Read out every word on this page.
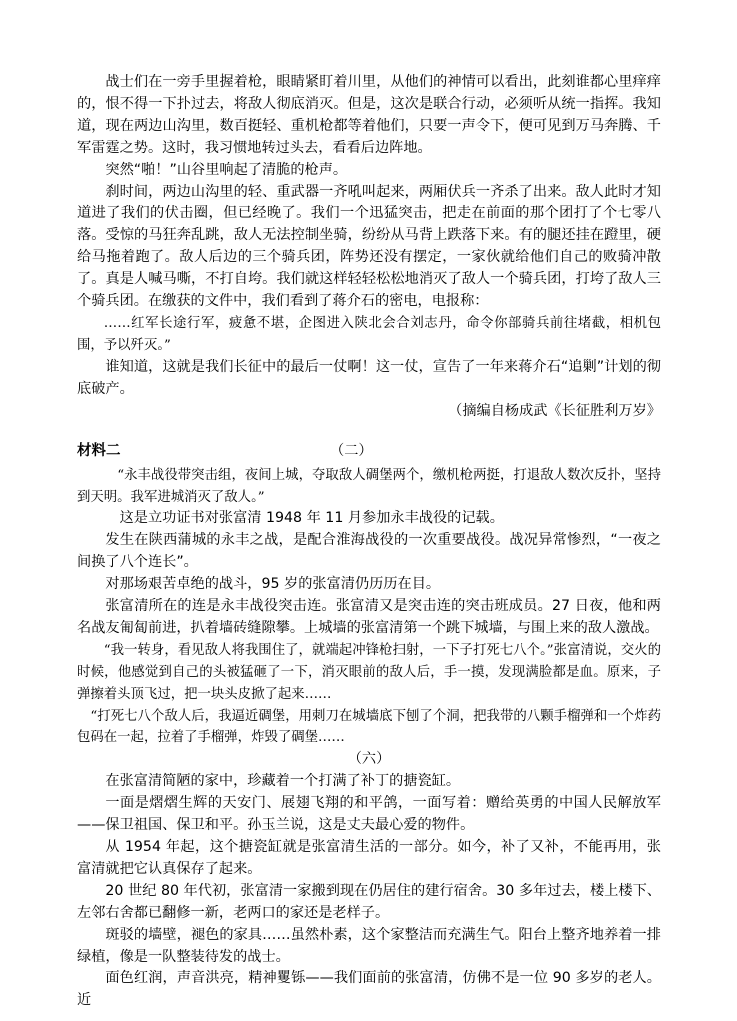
战士们在一旁手里握着枪，眼睛紧盯着川里，从他们的神情可以看出，此刻谁都心里痒痒的，恨不得一下扑过去，将敌人彻底消灭。但是，这次是联合行动，必须听从统一指挥。我知道，现在两边山沟里，数百挺轻、重机枪都等着他们，只要一声令下，便可见到万马奔腾、千军雷霆之势。这时，我习惯地转过头去，看看后边阵地。

突然“啪！”山谷里响起了清脆的枪声。

刹时间，两边山沟里的轻、重武器一齐吼叫起来，两厢伏兵一齐杀了出来。敌人此时才知道进了我们的伏击圈，但已经晚了。我们一个迅猛突击，把走在前面的那个团打了个七零八落。受惊的马狂奔乱跳，敌人无法控制坐骑，纷纷从马背上跌落下来。有的腿还挂在蹬里，硬给马拖着跑了。敌人后边的三个骑兵团，阵势还没有摆定，一家伙就给他们自己的败骑冲散了。真是人喊马嘶，不打自垮。我们就这样轻轻松松地消灭了敌人一个骑兵团，打垮了敌人三个骑兵团。在缴获的文件中，我们看到了蒋介石的密电，电报称：

……红军长途行军，疲惫不堪，企图进入陕北会合刘志丹，命令你部骑兵前往堵截，相机包围，予以歼灭。”

谁知道，这就是我们长征中的最后一仗啊！这一仗，宣告了一年来蒋介石“追剿”计划的彻底破产。

（摘编自杨成武《长征胜利万岁》
材料二	（二）

“永丰战役带突击组，夜间上城，夺取敌人碉堡两个，缴机枪两挺，打退敌人数次反扑，坚持到天明。我军进城消灭了敌人。”

这是立功证书对张富清 1948 年 11 月参加永丰战役的记载。

发生在陕西蒲城的永丰之战，是配合淮海战役的一次重要战役。战况异常惨烈，“一夜之间换了八个连长”。

对那场艰苦卓绝的战斗，95 岁的张富清仍历历在目。

张富清所在的连是永丰战役突击连。张富清又是突击连的突击班成员。27 日夜，他和两名战友匍匐前进，扒着墙砖缝隙攀。上城墙的张富清第一个跳下城墙，与围上来的敌人激战。

“我一转身，看见敌人将我围住了，就端起冲锋枪扫射，一下子打死七八个。”张富清说，交火的时候，他感觉到自己的头被猛砸了一下，消灭眼前的敌人后，手一摸，发现满脸都是血。原来，子弹擦着头顶飞过，把一块头皮掀了起来……

“打死七八个敌人后，我逼近碉堡，用刺刀在城墙底下刨了个洞，把我带的八颗手榴弹和一个炸药包码在一起，拉着了手榴弹，炸毁了碉堡……

（六）

在张富清简陋的家中，珍藏着一个打满了补丁的搪瓷缸。

一面是熠熠生辉的天安门、展翅飞翔的和平鸽，一面写着：赠给英勇的中国人民解放军——保卫祖国、保卫和平。孙玉兰说，这是丈夫最心爱的物件。

从 1954 年起，这个搪瓷缸就是张富清生活的一部分。如今，补了又补，不能再用，张富清就把它认真保存了起来。

20 世纪 80 年代初，张富清一家搬到现在仍居住的建行宿舍。30 多年过去，楼上楼下、左邻右舍都已翻修一新，老两口的家还是老样子。

斑驳的墙壁，褪色的家具……虽然朴素，这个家整洁而充满生气。阳台上整齐地养着一排绿植，像是一队整装待发的战士。

面色红润，声音洪亮，精神矍铄——我们面前的张富清，仿佛不是一位 90 多岁的老人。近
